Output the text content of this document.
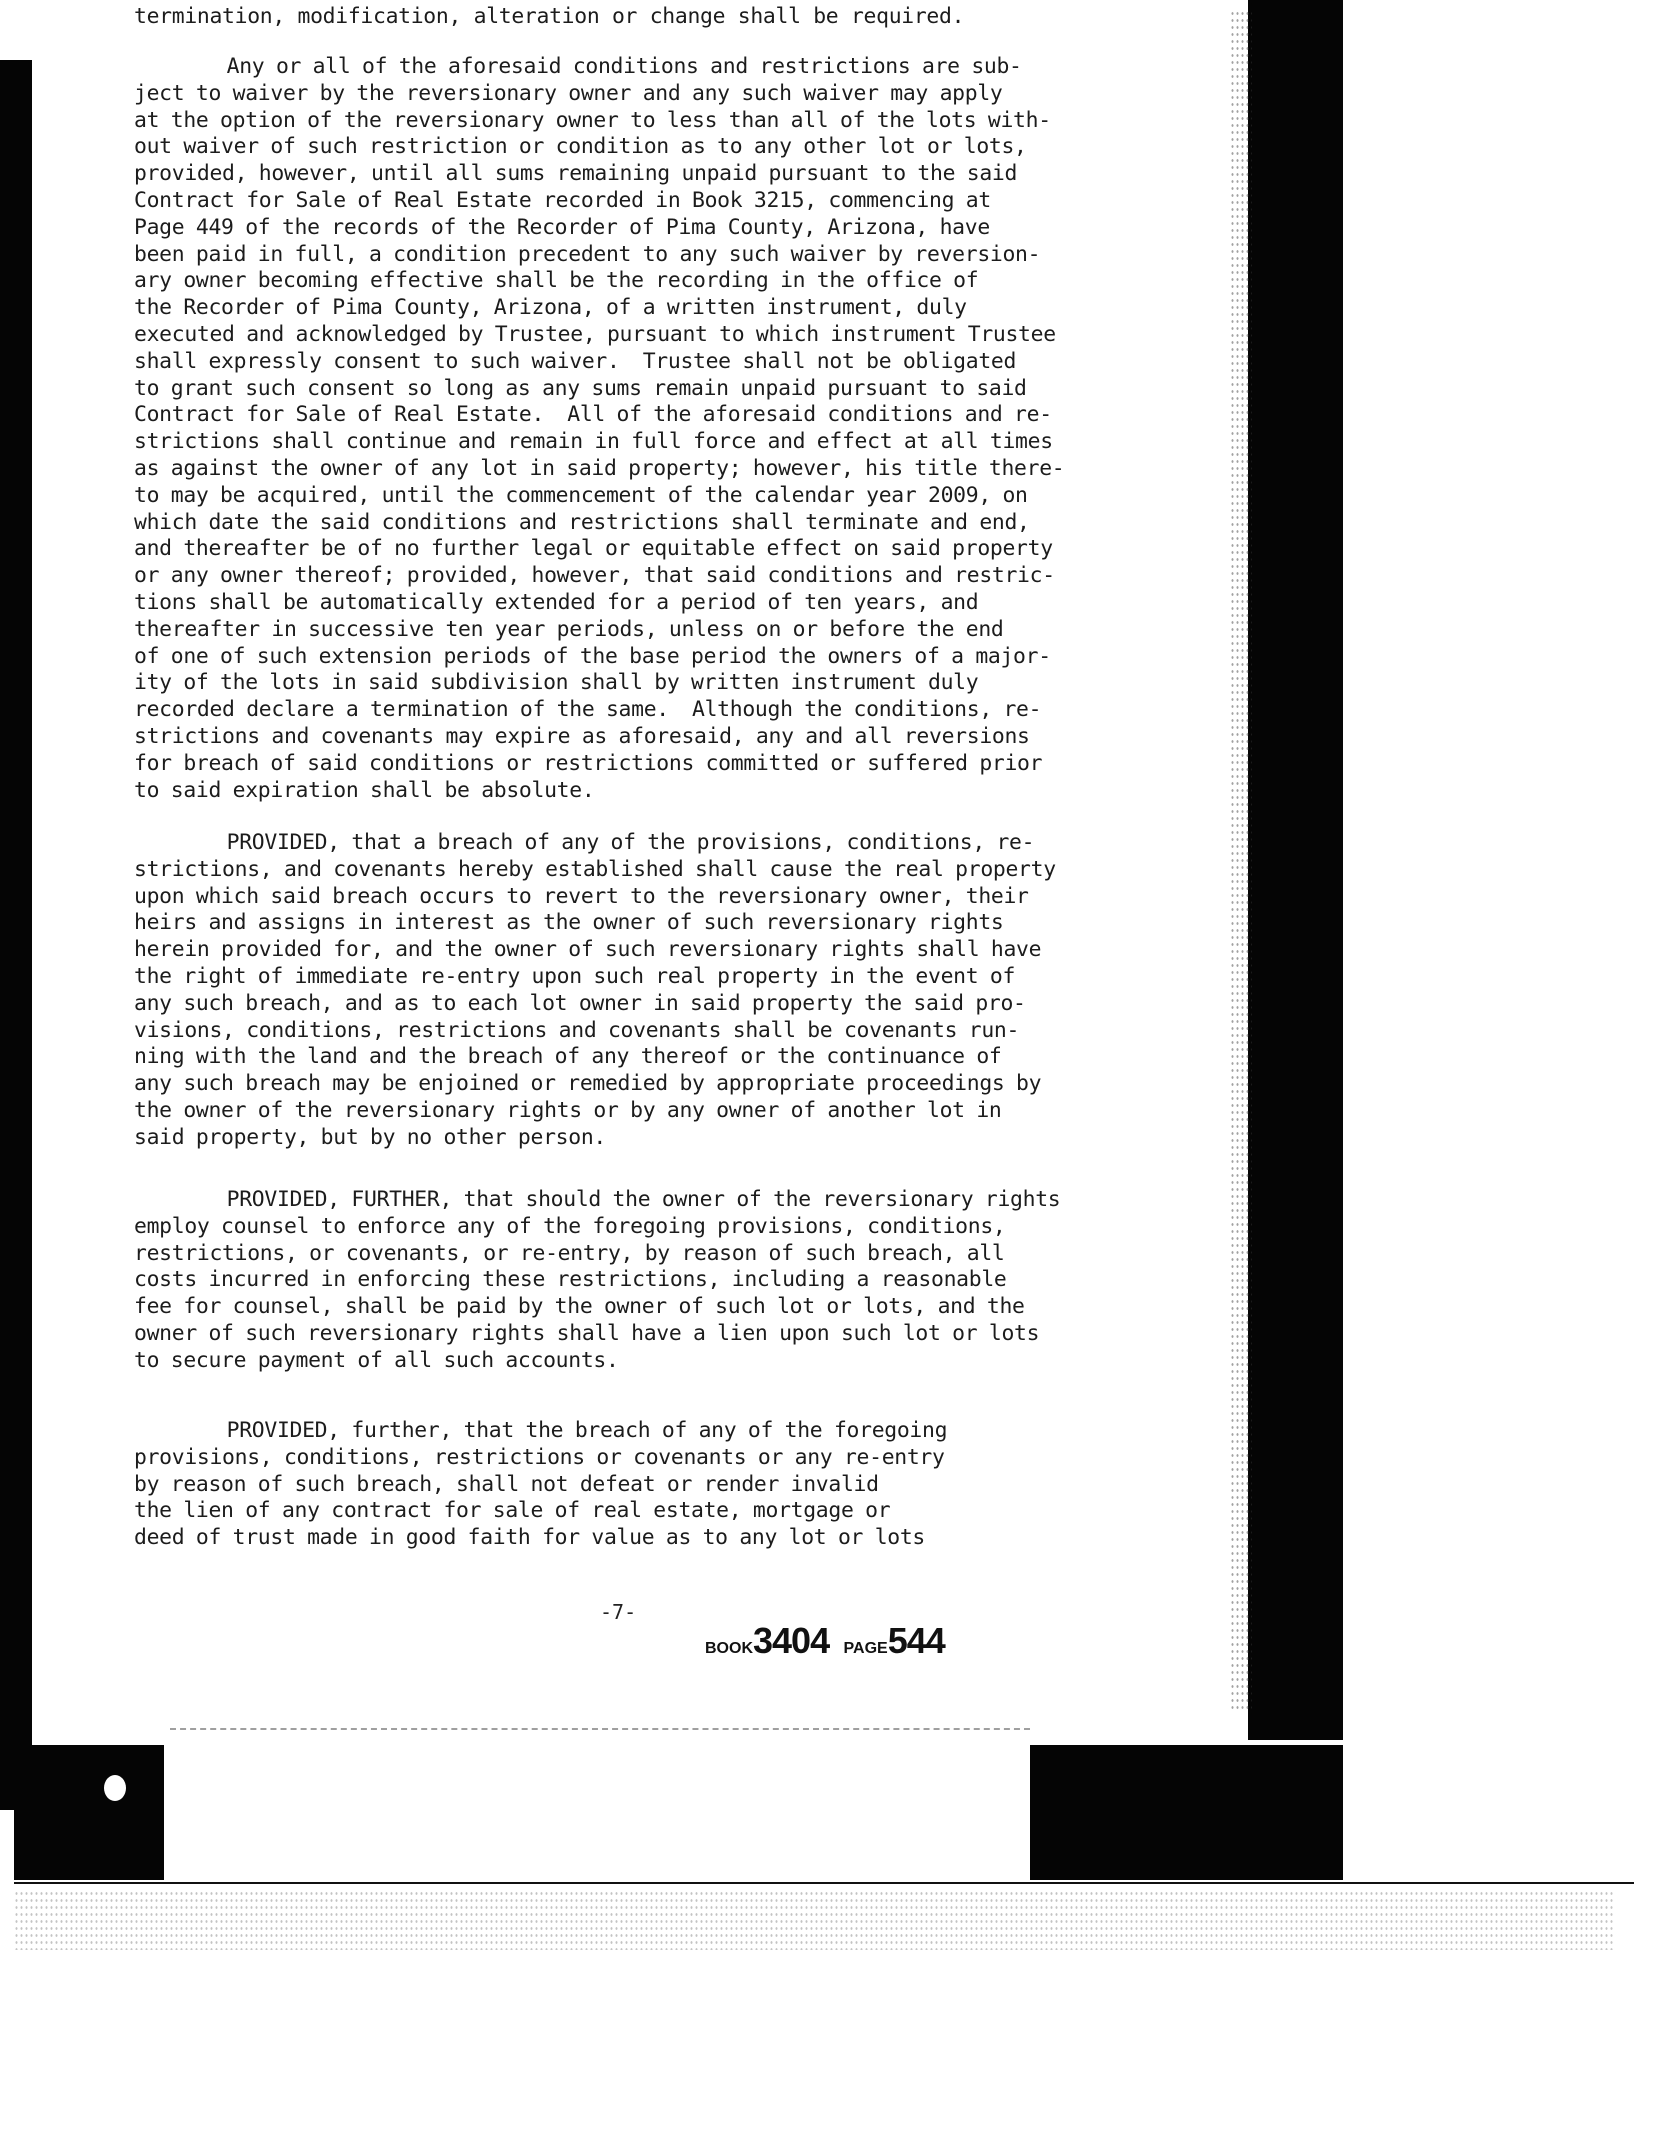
termination, modification, alteration or change shall be required.
Any or all of the aforesaid conditions and restrictions are sub-
ject to waiver by the reversionary owner and any such waiver may apply
at the option of the reversionary owner to less than all of the lots with-
out waiver of such restriction or condition as to any other lot or lots,
provided, however, until all sums remaining unpaid pursuant to the said
Contract for Sale of Real Estate recorded in Book 3215, commencing at
Page 449 of the records of the Recorder of Pima County, Arizona, have
been paid in full, a condition precedent to any such waiver by reversion-
ary owner becoming effective shall be the recording in the office of
the Recorder of Pima County, Arizona, of a written instrument, duly
executed and acknowledged by Trustee, pursuant to which instrument Trustee
shall expressly consent to such waiver.  Trustee shall not be obligated
to grant such consent so long as any sums remain unpaid pursuant to said
Contract for Sale of Real Estate.  All of the aforesaid conditions and re-
strictions shall continue and remain in full force and effect at all times
as against the owner of any lot in said property; however, his title there-
to may be acquired, until the commencement of the calendar year 2009, on
which date the said conditions and restrictions shall terminate and end,
and thereafter be of no further legal or equitable effect on said property
or any owner thereof; provided, however, that said conditions and restric-
tions shall be automatically extended for a period of ten years, and
thereafter in successive ten year periods, unless on or before the end
of one of such extension periods of the base period the owners of a major-
ity of the lots in said subdivision shall by written instrument duly
recorded declare a termination of the same.  Although the conditions, re-
strictions and covenants may expire as aforesaid, any and all reversions
for breach of said conditions or restrictions committed or suffered prior
to said expiration shall be absolute.
PROVIDED, that a breach of any of the provisions, conditions, re-
strictions, and covenants hereby established shall cause the real property
upon which said breach occurs to revert to the reversionary owner, their
heirs and assigns in interest as the owner of such reversionary rights
herein provided for, and the owner of such reversionary rights shall have
the right of immediate re-entry upon such real property in the event of
any such breach, and as to each lot owner in said property the said pro-
visions, conditions, restrictions and covenants shall be covenants run-
ning with the land and the breach of any thereof or the continuance of
any such breach may be enjoined or remedied by appropriate proceedings by
the owner of the reversionary rights or by any owner of another lot in
said property, but by no other person.
PROVIDED, FURTHER, that should the owner of the reversionary rights
employ counsel to enforce any of the foregoing provisions, conditions,
restrictions, or covenants, or re-entry, by reason of such breach, all
costs incurred in enforcing these restrictions, including a reasonable
fee for counsel, shall be paid by the owner of such lot or lots, and the
owner of such reversionary rights shall have a lien upon such lot or lots
to secure payment of all such accounts.
PROVIDED, further, that the breach of any of the foregoing
provisions, conditions, restrictions or covenants or any re-entry
by reason of such breach, shall not defeat or render invalid
the lien of any contract for sale of real estate, mortgage or
deed of trust made in good faith for value as to any lot or lots
-7-
BOOK3404 PAGE544
